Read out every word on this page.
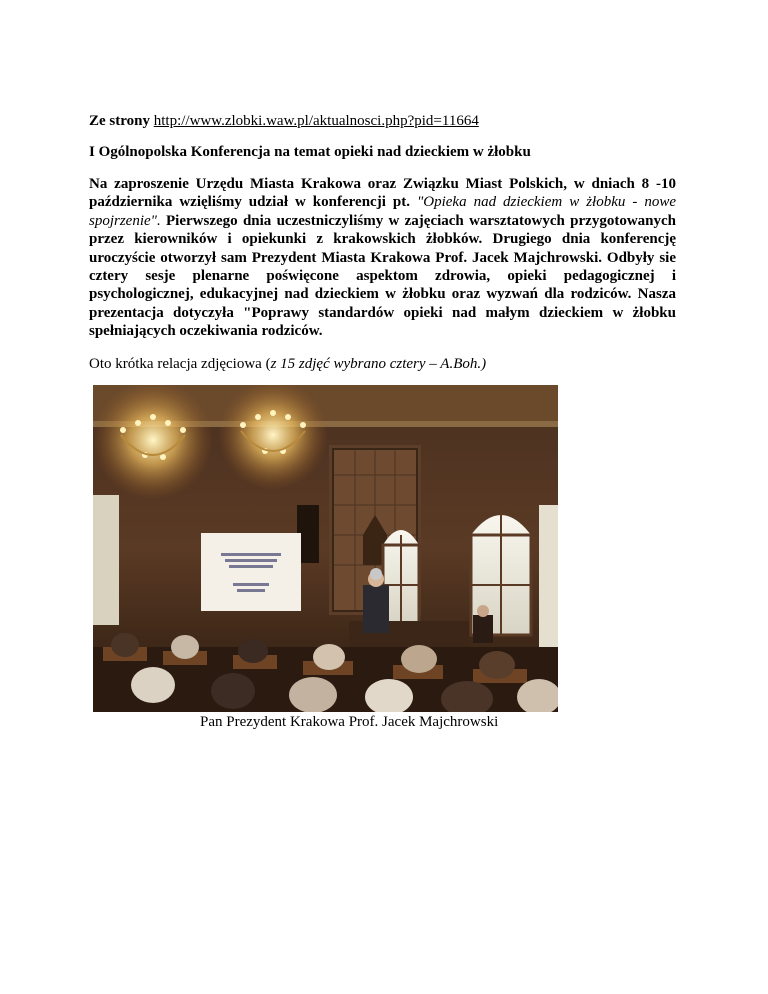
Ze strony http://www.zlobki.waw.pl/aktualnosci.php?pid=11664

I Ogólnopolska Konferencja na temat opieki nad dzieckiem w żłobku

Na zaproszenie Urzędu Miasta Krakowa oraz Związku Miast Polskich, w dniach 8 -10 października wzięliśmy udział w konferencji pt. "Opieka nad dzieckiem w żłobku - nowe spojrzenie". Pierwszego dnia uczestniczyliśmy w zajęciach warsztatowych przygotowanych przez kierowników i opiekunki z krakowskich żłobków. Drugiego dnia konferencję uroczyście otworzył sam Prezydent Miasta Krakowa Prof. Jacek Majchrowski. Odbyły sie cztery sesje plenarne poświęcone aspektom zdrowia, opieki pedagogicznej i psychologicznej, edukacyjnej nad dzieckiem w żłobku oraz wyzwań dla rodziców. Nasza prezentacja dotyczyła "Poprawy standardów opieki nad małym dzieckiem w żłobku spełniających oczekiwania rodziców.

Oto krótka relacja zdjęciowa (z 15 zdjęć wybrano cztery – A.Boh.)

Pan Prezydent Krakowa Prof. Jacek Majchrowski
